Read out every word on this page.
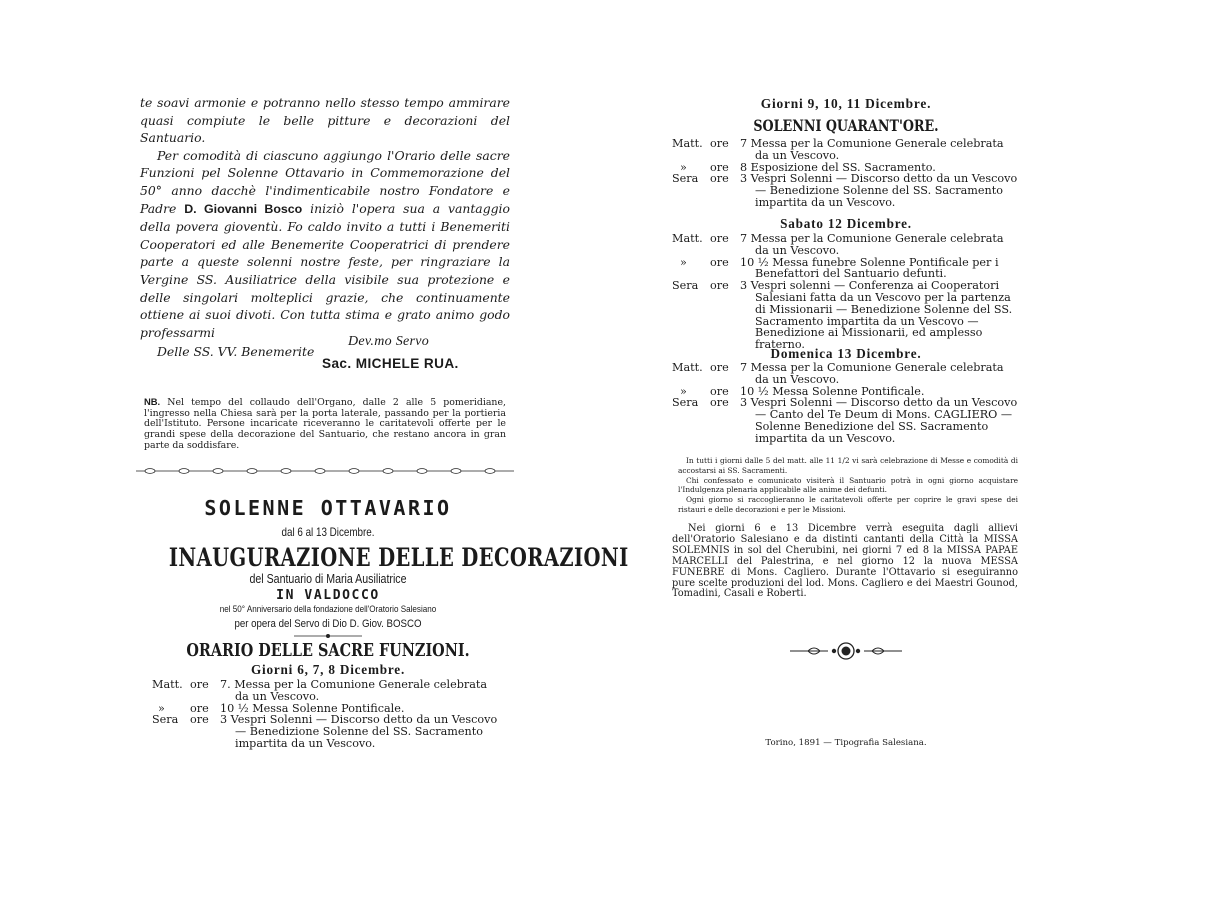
te soavi armonie e potranno nello stesso tempo ammirare quasi compiute le belle pitture e decorazioni del Santuario.

Per comodità di ciascuno aggiungo l'Orario delle sacre Funzioni pel Solenne Ottavario in Commemorazione del 50° anno dacchè l'indimenticabile nostro Fondatore e Padre D. Giovanni Bosco iniziò l'opera sua a vantaggio della povera gioventù. Fo caldo invito a tutti i Benemeriti Cooperatori ed alle Benemerite Cooperatrici di prendere parte a queste solenni nostre feste, per ringraziare la Vergine SS. Ausiliatrice della visibile sua protezione e delle singolari molteplici grazie, che continuamente ottiene ai suoi divoti. Con tutta stima e grato animo godo professarmi

Delle SS. VV. Benemerite

Dev.mo Servo
Sac. MICHELE RUA.
NB. Nel tempo del collaudo dell'Organo, dalle 2 alle 5 pomeridiane, l'ingresso nella Chiesa sarà per la porta laterale, passando per la portieria dell'Istituto. Persone incaricate riceveranno le caritatevoli offerte per le grandi spese della decorazione del Santuario, che restano ancora in gran parte da soddisfare.
SOLENNE OTTAVARIO
dal 6 al 13 Dicembre.
INAUGURAZIONE DELLE DECORAZIONI
del Santuario di Maria Ausiliatrice
IN VALDOCCO
nel 50° Anniversario della fondazione dell'Oratorio Salesiano
per opera del Servo di Dio D. Giov. BOSCO
ORARIO DELLE SACRE FUNZIONI.
Giorni 6, 7, 8 Dicembre.
Matt. ore	7. Messa per la Comunione Generale celebrata da un Vescovo.
»	ore	10 ½ Messa Solenne Pontificale.
Sera	ore	3 Vespri Solenni — Discorso detto da un Vescovo — Benedizione Solenne del SS. Sacramento impartita da un Vescovo.
Giorni 9, 10, 11 Dicembre.
SOLENNI QUARANT'ORE.
Matt. ore	7 Messa per la Comunione Generale celebrata da un Vescovo.
»	ore	8 Esposizione del SS. Sacramento.
Sera	ore	3 Vespri Solenni — Discorso detto da un Vescovo — Benedizione Solenne del SS. Sacramento impartita da un Vescovo.
Sabato 12 Dicembre.
Matt. ore	7 Messa per la Comunione Generale celebrata da un Vescovo.
»	ore	10 ½ Messa funebre Solenne Pontificale per i Benefattori del Santuario defunti.
Sera	ore	3 Vespri solenni — Conferenza ai Cooperatori Salesiani fatta da un Vescovo per la partenza di Missionarii — Benedizione Solenne del SS. Sacramento impartita da un Vescovo — Benedizione ai Missionarii, ed amplesso fraterno.
Domenica 13 Dicembre.
Matt. ore	7 Messa per la Comunione Generale celebrata da un Vescovo.
»	ore	10 ½ Messa Solenne Pontificale.
Sera	ore	3 Vespri Solenni — Discorso detto da un Vescovo — Canto del Te Deum di Mons. CAGLIERO — Solenne Benedizione del SS. Sacramento impartita da un Vescovo.

In tutti i giorni dalle 5 del matt. alle 11 1/2 vi sarà celebrazione di Messe e comodità di accostarsi ai SS. Sacramenti.

Chi confessato e comunicato visiterà il Santuario potrà in ogni giorno acquistare l'Indulgenza plenaria applicabile alle anime dei defunti.

Ogni giorno si raccoglieranno le caritatevoli offerte per coprire le gravi spese dei ristauri e delle decorazioni e per le Missioni.

Nei giorni 6 e 13 Dicembre verrà eseguita dagli allievi dell'Oratorio Salesiano e da distinti cantanti della Città la MISSA SOLEMNIS in sol del Cherubini, nei giorni 7 ed 8 la MISSA PAPAE MARCELLI del Palestrina, e nel giorno 12 la nuova MESSA FUNEBRE di Mons. Cagliero. Durante l'Ottavario si eseguiranno pure scelte produzioni del lod. Mons. Cagliero e dei Maestri Gounod, Tomadini, Casali e Roberti.
Torino, 1891 — Tipografia Salesiana.
